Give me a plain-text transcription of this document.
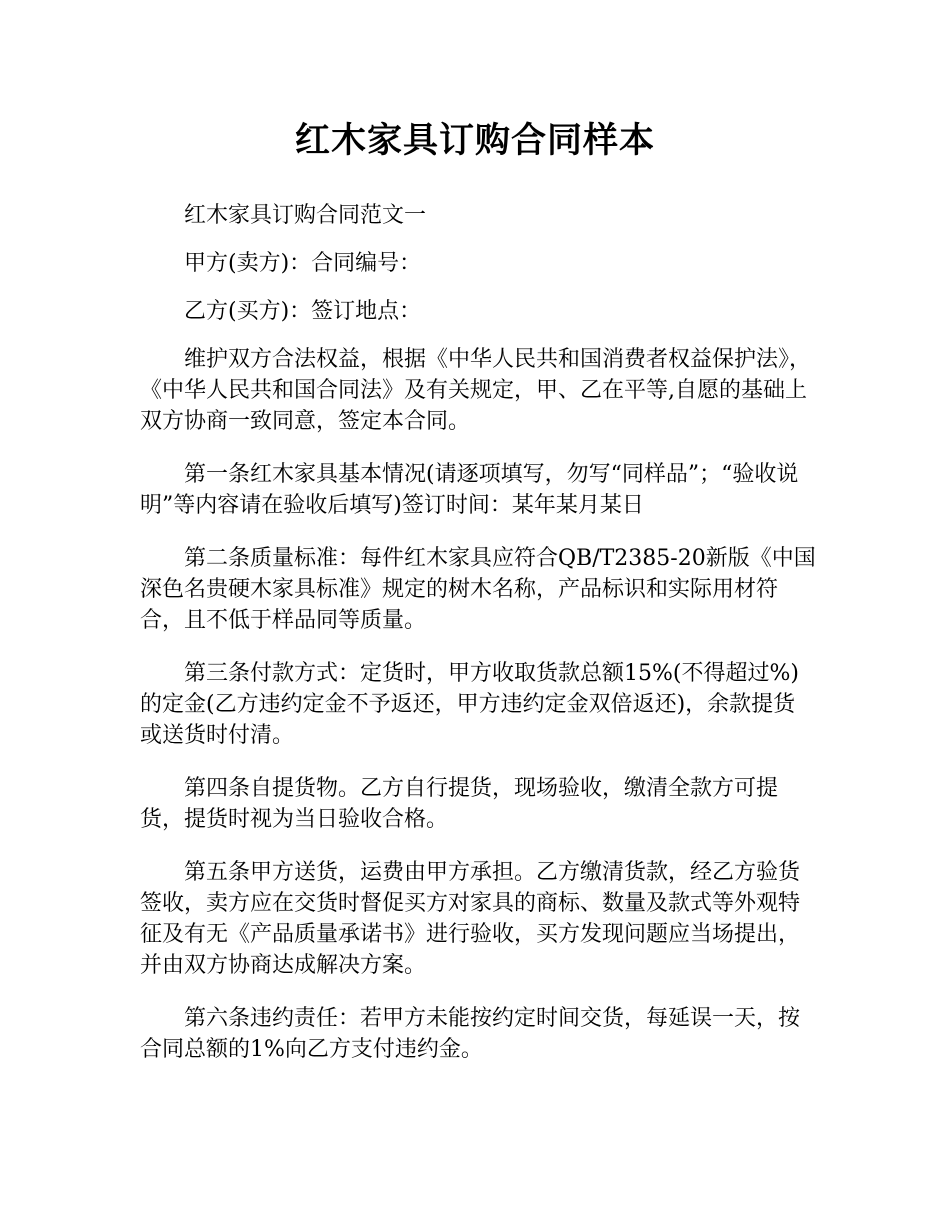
红木家具订购合同样本

红木家具订购合同范文一

甲方(卖方)：合同编号：

乙方(买方)：签订地点：

维护双方合法权益，根据《中华人民共和国消费者权益保护法》，《中华人民共和国合同法》及有关规定，甲、乙在平等,自愿的基础上双方协商一致同意，签定本合同。

第一条红木家具基本情况(请逐项填写，勿写“同样品”；“验收说明”等内容请在验收后填写)签订时间：某年某月某日

第二条质量标准：每件红木家具应符合QB/T2385-20新版《中国深色名贵硬木家具标准》规定的树木名称，产品标识和实际用材符合，且不低于样品同等质量。

第三条付款方式：定货时，甲方收取货款总额15%(不得超过%)的定金(乙方违约定金不予返还，甲方违约定金双倍返还)，余款提货或送货时付清。

第四条自提货物。乙方自行提货，现场验收，缴清全款方可提货，提货时视为当日验收合格。

第五条甲方送货，运费由甲方承担。乙方缴清货款，经乙方验货签收，卖方应在交货时督促买方对家具的商标、数量及款式等外观特征及有无《产品质量承诺书》进行验收，买方发现问题应当场提出，并由双方协商达成解决方案。

第六条违约责任：若甲方未能按约定时间交货，每延误一天，按合同总额的1%向乙方支付违约金。
